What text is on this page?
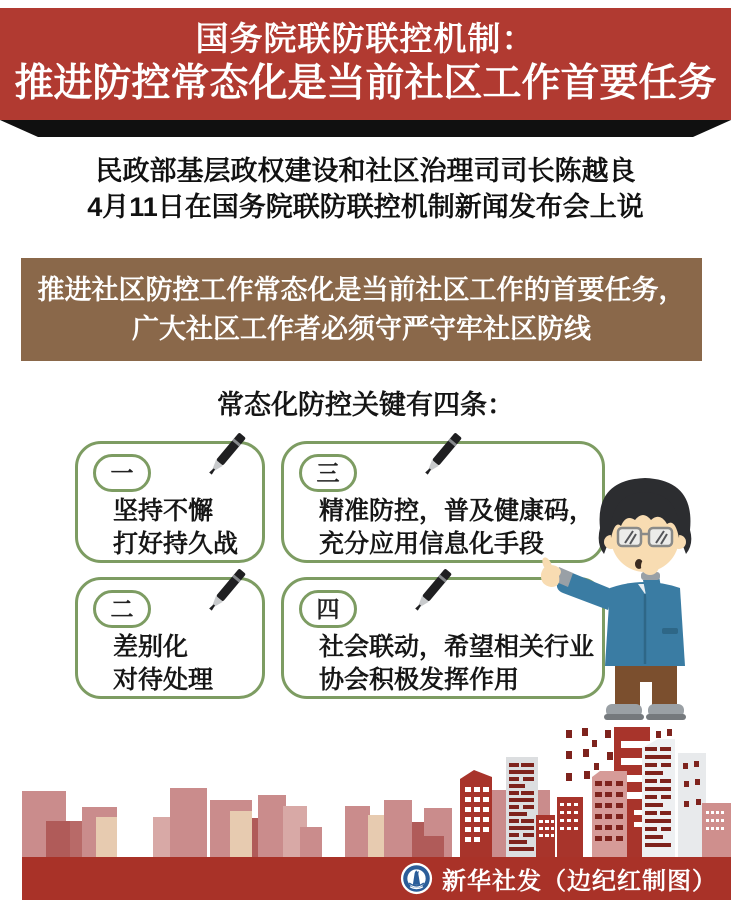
国务院联防联控机制：
推进防控常态化是当前社区工作首要任务
民政部基层政权建设和社区治理司司长陈越良
4月11日在国务院联防联控机制新闻发布会上说
推进社区防控工作常态化是当前社区工作的首要任务，
广大社区工作者必须守严守牢社区防线
常态化防控关键有四条：
一
坚持不懈
打好持久战
三
精准防控，普及健康码，
充分应用信息化手段
二
差别化
对待处理
四
社会联动，希望相关行业
协会积极发挥作用
新华社发（边纪红制图）
